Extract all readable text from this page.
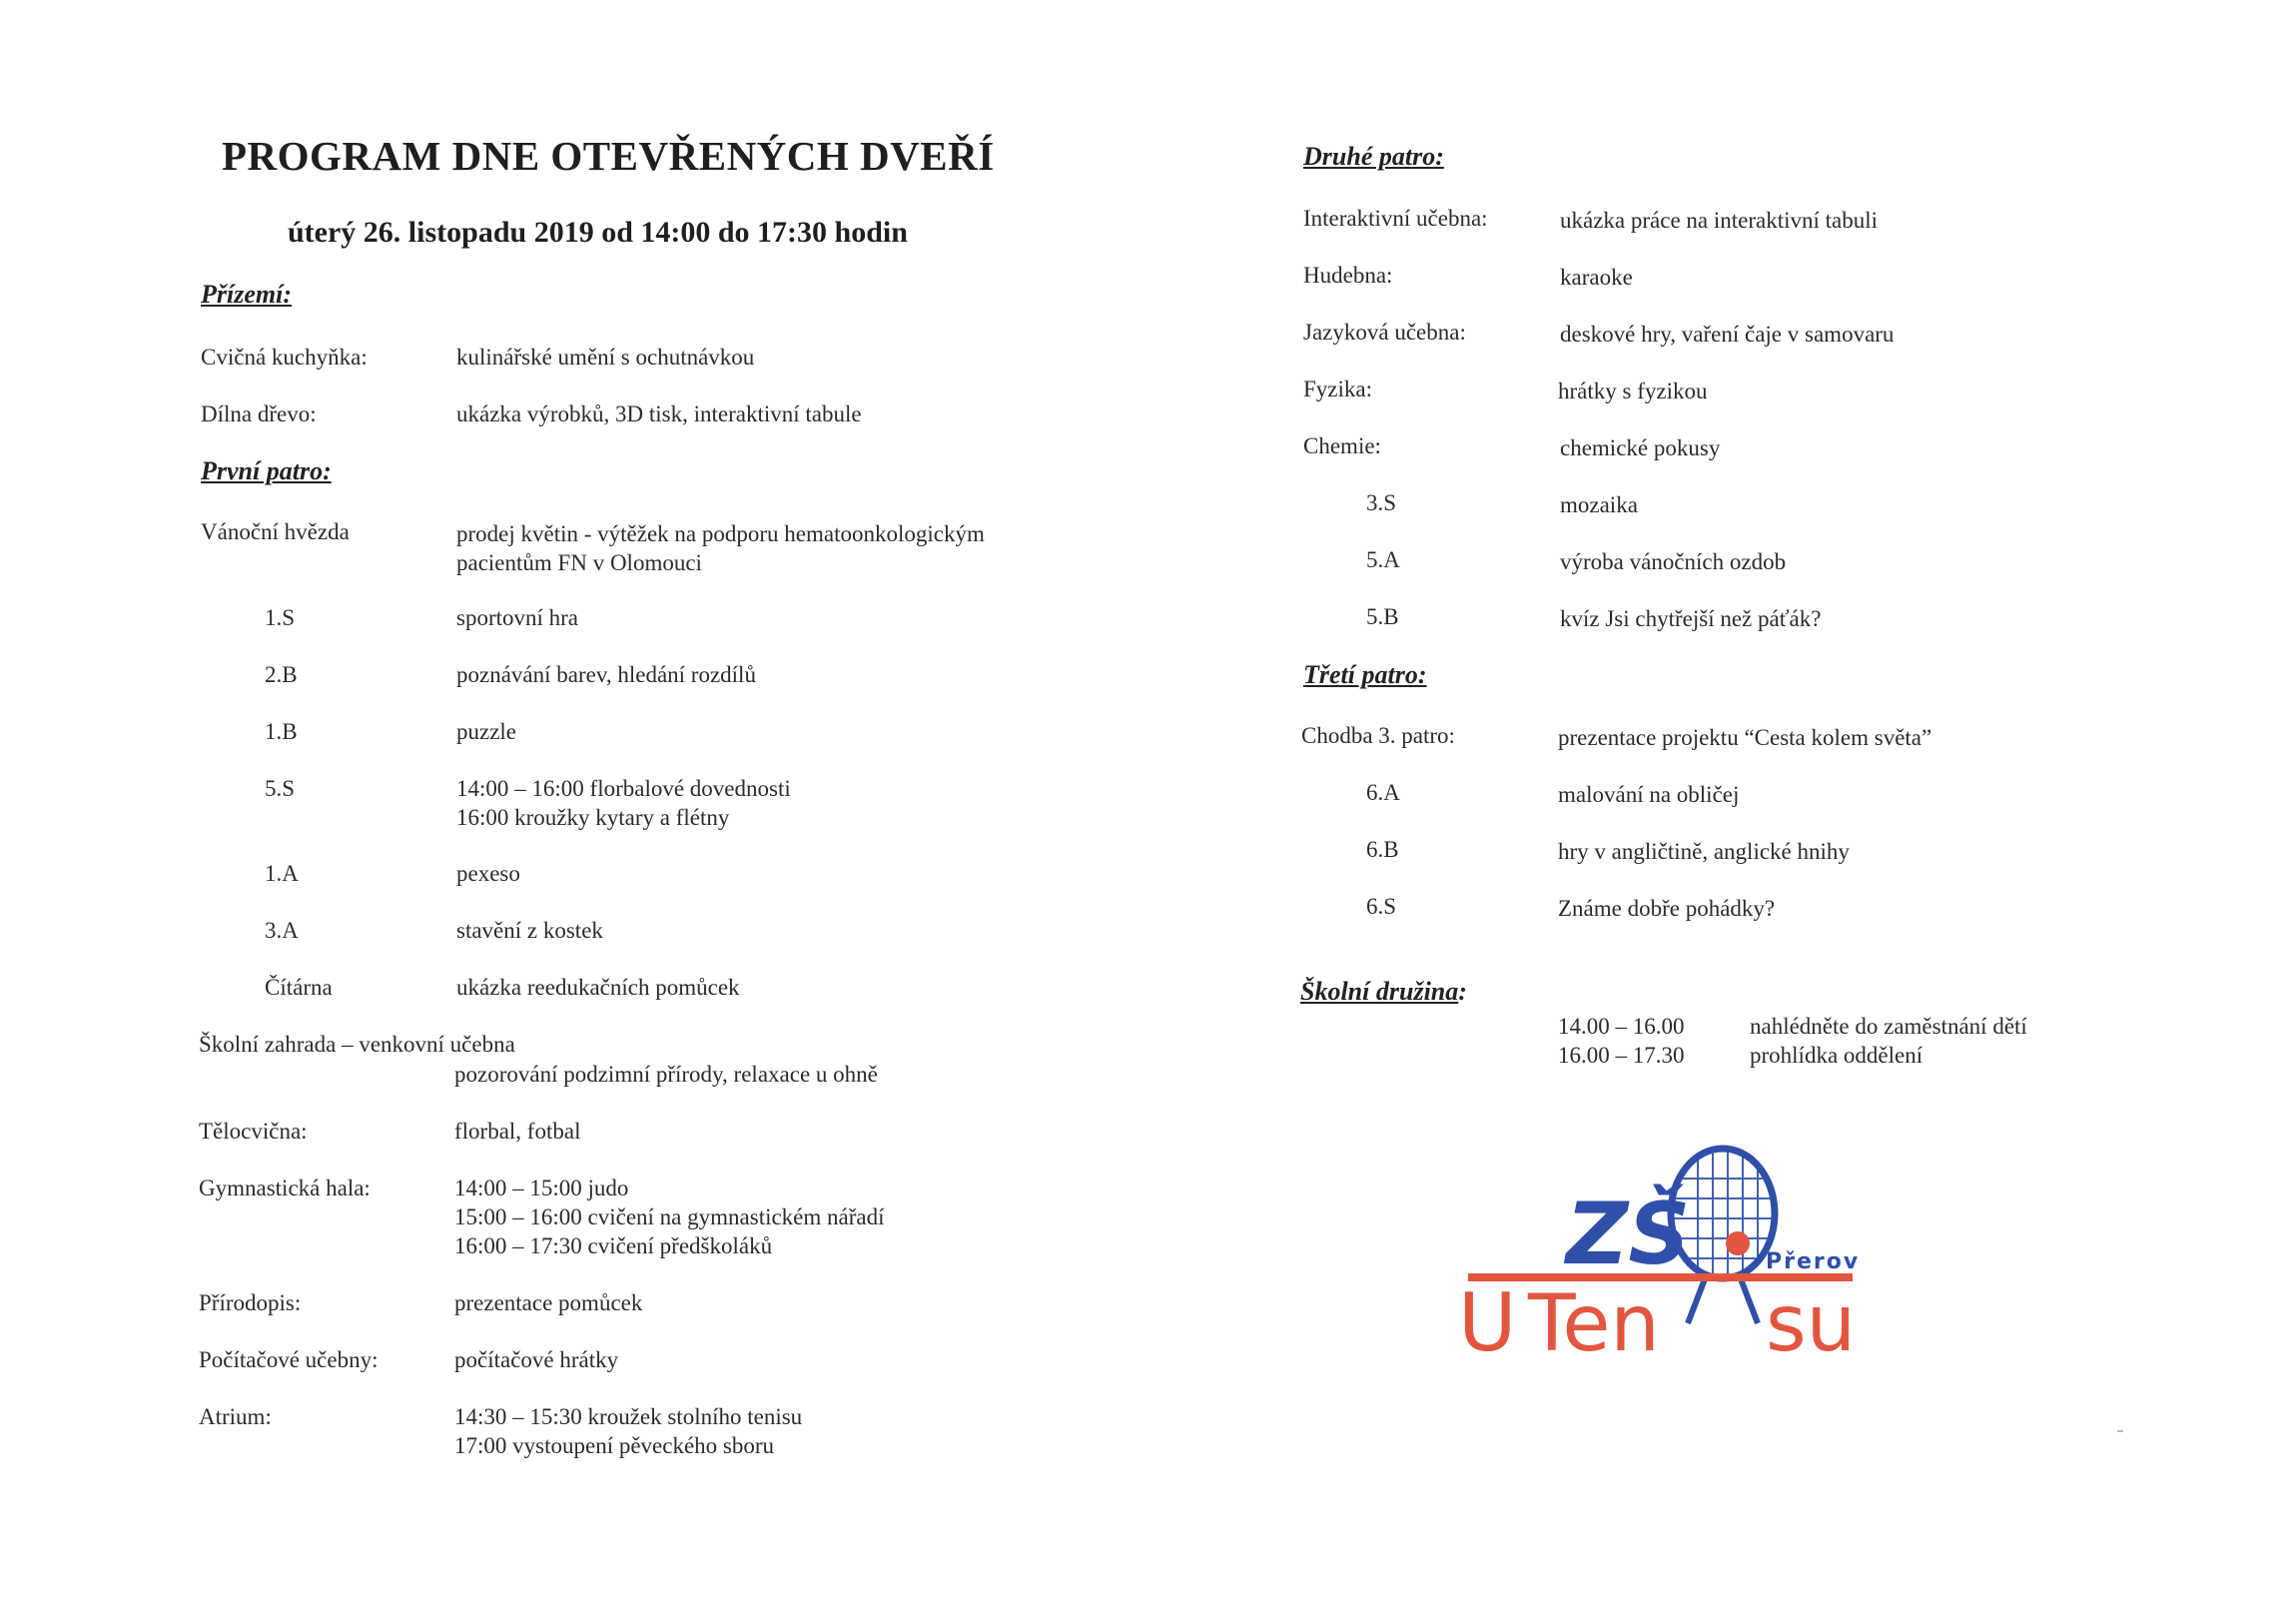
PROGRAM DNE OTEVŘENÝCH DVEŘÍ
úterý 26. listopadu 2019 od 14:00 do 17:30 hodin
Přízemí:
Cvičná kuchyňka:	kulinářské umění s ochutnávkou
Dílna dřevo:	ukázka výrobků, 3D tisk, interaktivní tabule
První patro:
Vánoční hvězda	prodej květin - výtěžek na podporu hematoonkologickým
pacientům FN v Olomouci
1.S	sportovní hra
2.B	poznávání barev, hledání rozdílů
1.B	puzzle
5.S	14:00 – 16:00 florbalové dovednosti
16:00 kroužky kytary a flétny
1.A	pexeso
3.A	stavění z kostek
Čítárna	ukázka reedukačních pomůcek
Školní zahrada – venkovní učebna
pozorování podzimní přírody, relaxace u ohně
Tělocvična:	florbal, fotbal
Gymnastická hala:	14:00 – 15:00 judo
15:00 – 16:00 cvičení na gymnastickém nářadí
16:00 – 17:30 cvičení předškoláků
Přírodopis:	prezentace pomůcek
Počítačové učebny:	počítačové hrátky
Atrium:	14:30 – 15:30 kroužek stolního tenisu
17:00 vystoupení pěveckého sboru
Druhé patro:
Interaktivní učebna:	ukázka práce na interaktivní tabuli
Hudebna:	karaoke
Jazyková učebna:	deskové hry, vaření čaje v samovaru
Fyzika:	hrátky s fyzikou
Chemie:	chemické pokusy
3.S	mozaika
5.A	výroba vánočních ozdob
5.B	kvíz Jsi chytřejší než páťák?
Třetí patro:
Chodba 3. patro:	prezentace projektu “Cesta kolem světa”
6.A	malování na obličej
6.B	hry v angličtině, anglické hnihy
6.S	Známe dobře pohádky?
Školní družina:
14.00 – 16.00	nahlédněte do zaměstnání dětí
16.00 – 17.30	prohlídka oddělení
ZŠ	Přerov
U Ten su
